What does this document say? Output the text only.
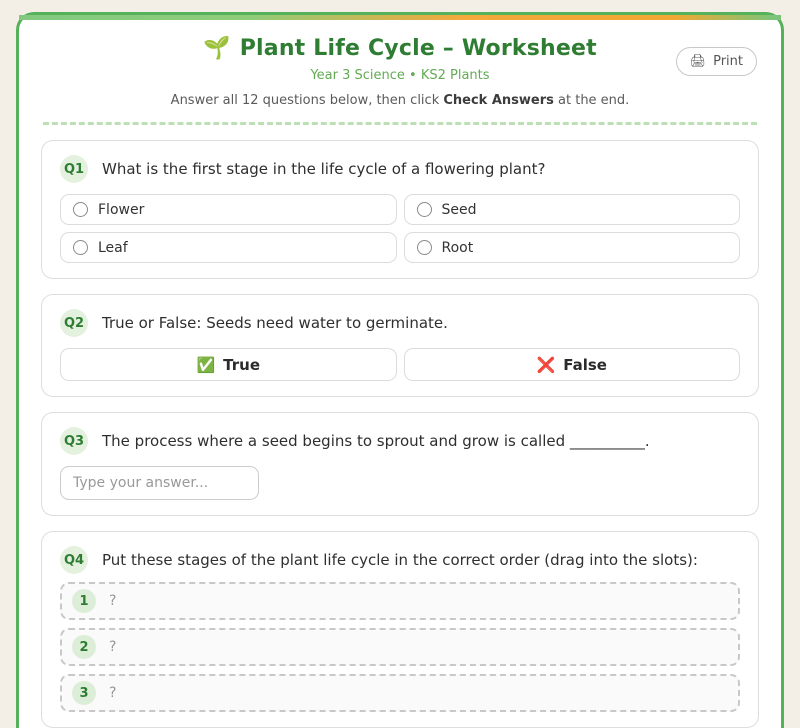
🌱 Plant Life Cycle – Worksheet
Year 3 Science • KS2 Plants
Answer all 12 questions below, then click Check Answers at the end.
🖨 Print
Q1 What is the first stage in the life cycle of a flowering plant?
Flower	Seed
Leaf	Root
Q2 True or False: Seeds need water to germinate.
✅ True	❌ False
Q3 The process where a seed begins to sprout and grow is called __________.
Type your answer...
Q4 Put these stages of the plant life cycle in the correct order (drag into the slots):
1	?
2	?
3	?
